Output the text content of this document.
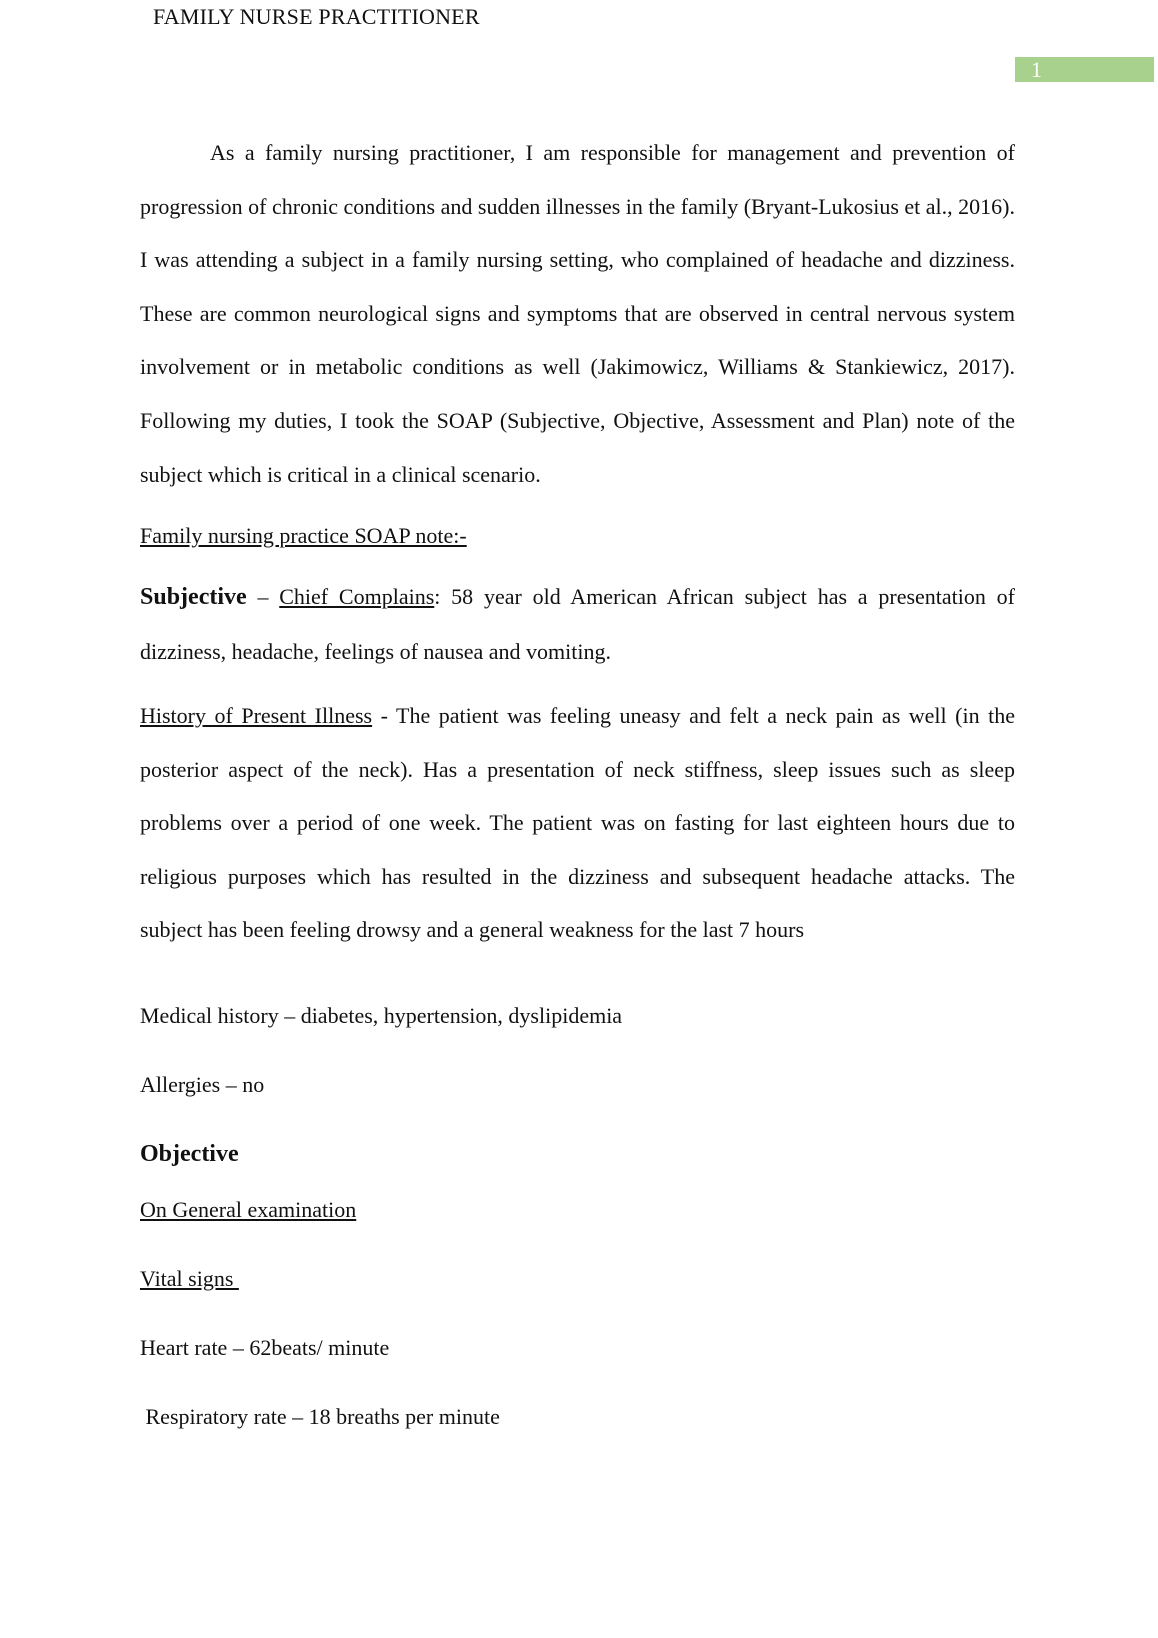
FAMILY NURSE PRACTITIONER
1

As a family nursing practitioner, I am responsible for management and prevention of progression of chronic conditions and sudden illnesses in the family (Bryant-Lukosius et al., 2016). I was attending a subject in a family nursing setting, who complained of headache and dizziness. These are common neurological signs and symptoms that are observed in central nervous system involvement or in metabolic conditions as well (Jakimowicz, Williams & Stankiewicz, 2017). Following my duties, I took the SOAP (Subjective, Objective, Assessment and Plan) note of the subject which is critical in a clinical scenario.

Family nursing practice SOAP note:-

Subjective – Chief Complains: 58 year old American African subject has a presentation of dizziness, headache, feelings of nausea and vomiting.

History of Present Illness - The patient was feeling uneasy and felt a neck pain as well (in the posterior aspect of the neck). Has a presentation of neck stiffness, sleep issues such as sleep problems over a period of one week. The patient was on fasting for last eighteen hours due to religious purposes which has resulted in the dizziness and subsequent headache attacks. The subject has been feeling drowsy and a general weakness for the last 7 hours

Medical history – diabetes, hypertension, dyslipidemia

Allergies – no

Objective

On General examination

Vital signs

Heart rate – 62beats/ minute

Respiratory rate – 18 breaths per minute
